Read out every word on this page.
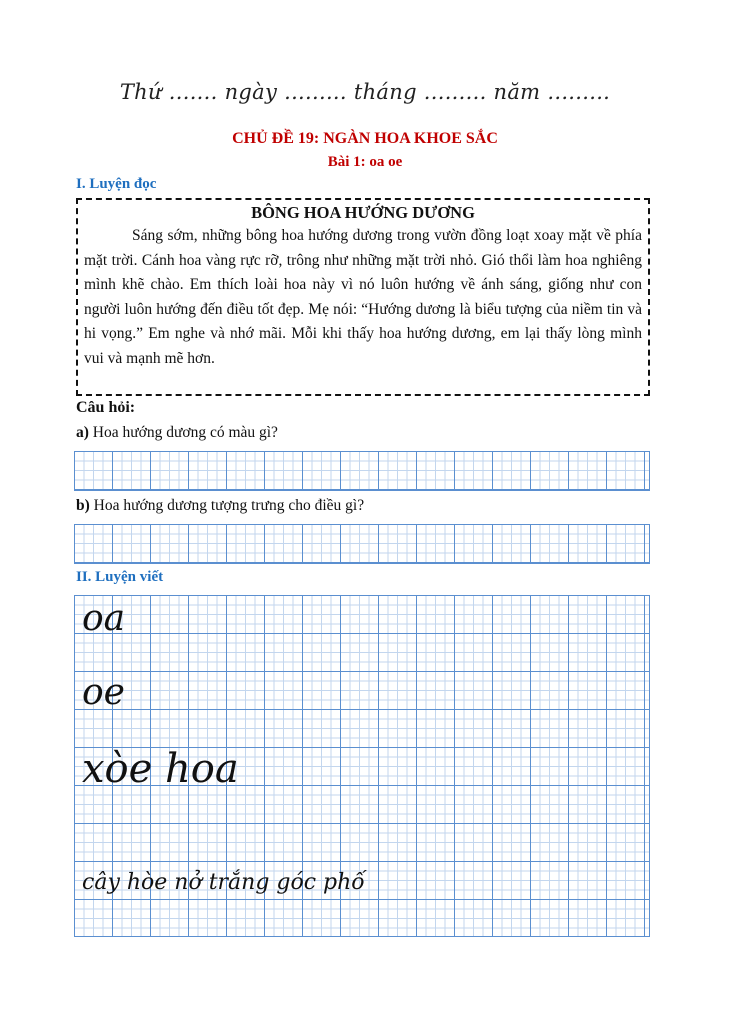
Thứ ....... ngày ......... tháng ......... năm .........
CHỦ ĐỀ 19: NGÀN HOA KHOE SẮC
Bài 1: oa oe
I. Luyện đọc
BÔNG HOA HƯỚNG DƯƠNG

Sáng sớm, những bông hoa hướng dương trong vườn đồng loạt xoay mặt về phía mặt trời. Cánh hoa vàng rực rỡ, trông như những mặt trời nhỏ. Gió thổi làm hoa nghiêng mình khẽ chào. Em thích loài hoa này vì nó luôn hướng về ánh sáng, giống như con người luôn hướng đến điều tốt đẹp. Mẹ nói: “Hướng dương là biểu tượng của niềm tin và hi vọng.” Em nghe và nhớ mãi. Mỗi khi thấy hoa hướng dương, em lại thấy lòng mình vui và mạnh mẽ hơn.

Câu hỏi:
a) Hoa hướng dương có màu gì?
b) Hoa hướng dương tượng trưng cho điều gì?
II. Luyện viết
oa
oe
xòe hoa
cây hòe nở trắng góc phố
